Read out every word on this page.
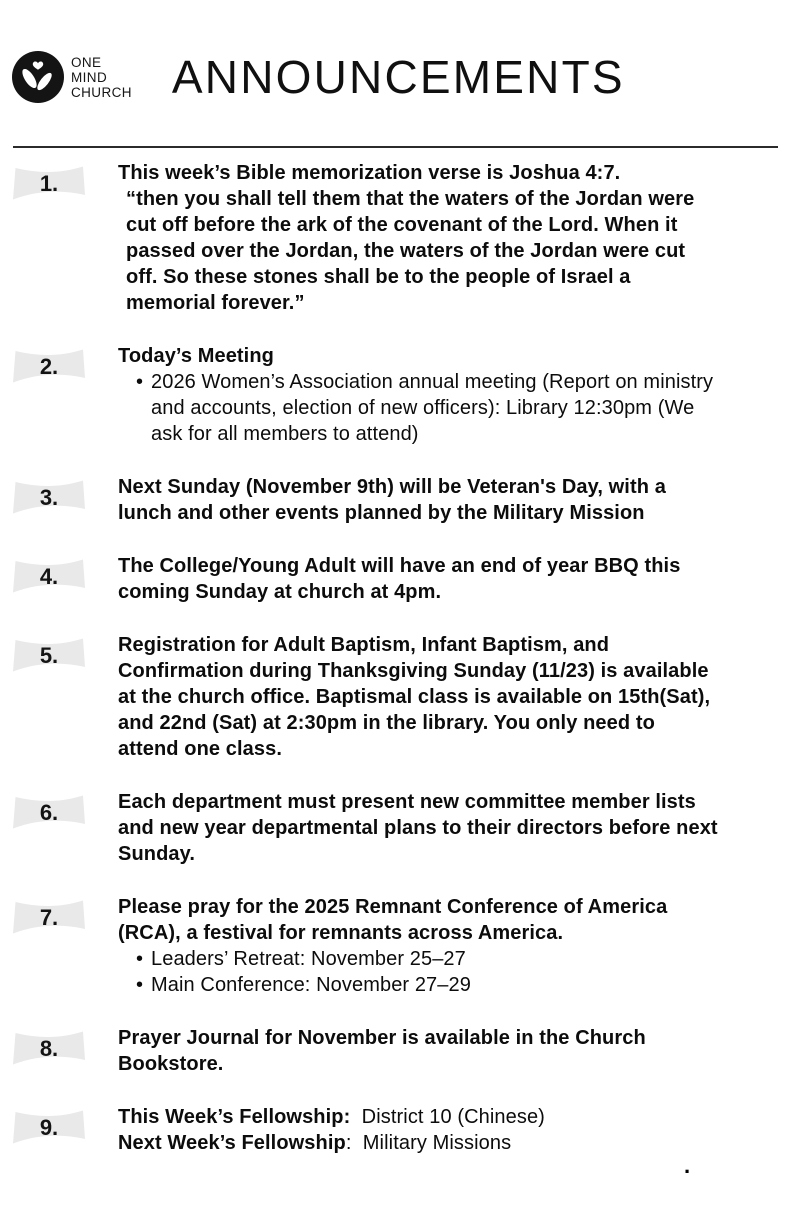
ONE
MIND
CHURCH ANNOUNCEMENTS
1.	This week’s Bible memorization verse is Joshua 4:7.

“then you shall tell them that the waters of the Jordan were cut off before the ark of the covenant of the Lord. When it passed over the Jordan, the waters of the Jordan were cut off. So these stones shall be to the people of Israel a memorial forever.”

2.	Today’s Meeting

• 2026 Women’s Association annual meeting (Report on ministry and accounts, election of new officers): Library 12:30pm (We ask for all members to attend)
3.	Next Sunday (November 9th) will be Veteran's Day, with a lunch and other events planned by the Military Mission

4.	The College/Young Adult will have an end of year BBQ this coming Sunday at church at 4pm.

5.	Registration for Adult Baptism, Infant Baptism, and Confirmation during Thanksgiving Sunday (11/23) is available at the church office. Baptismal class is available on 15th(Sat), and 22nd (Sat) at 2:30pm in the library. You only need to attend one class.

6.	Each department must present new committee member lists and new year departmental plans to their directors before next Sunday.

7.	Please pray for the 2025 Remnant Conference of America (RCA), a festival for remnants across America.

• Leaders’ Retreat: November 25–27
• Main Conference: November 27–29
8.	Prayer Journal for November is available in the Church Bookstore.

9.	This Week’s Fellowship:  District 10 (Chinese)
Next Week’s Fellowship:  Military Missions
.
